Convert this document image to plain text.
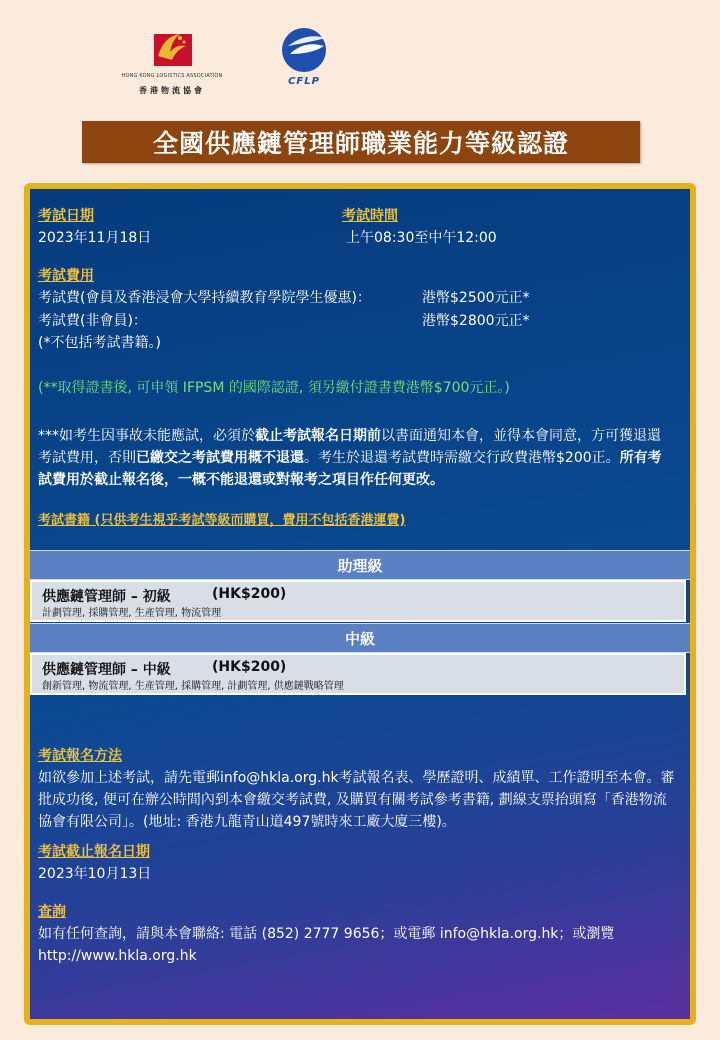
HONG KONG LOGISTICS ASSOCIATION
香港物流協會
CFLP
全國供應鏈管理師職業能力等級認證
考試日期
2023年11月18日
考試時間
上午08:30至中午12:00
考試費用
考試費(會員及香港浸會大學持續教育學院學生優惠)：	港幣$2500元正*
考試費(非會員)：	港幣$2800元正*
(*不包括考試書籍。)
(**取得證書後, 可申領 IFPSM 的國際認證, 須另繳付證書費港幣$700元正。)
***如考生因事故未能應試，必須於截止考試報名日期前以書面通知本會，並得本會同意，方可獲退還考試費用，否則已繳交之考試費用概不退還。考生於退還考試費時需繳交行政費港幣$200正。所有考試費用於截止報名後，一概不能退還或對報考之項目作任何更改。
考試書籍 (只供考生視乎考試等級而購買，費用不包括香港運費)
助理級
供應鏈管理師 – 初級	(HK$200)
計劃管理, 採購管理, 生產管理, 物流管理
中級
供應鏈管理師 – 中級	(HK$200)
創新管理, 物流管理, 生產管理, 採購管理, 計劃管理, 供應鏈戰略管理
考試報名方法
如欲參加上述考試，請先電郵info@hkla.org.hk考試報名表、學歷證明、成績單、工作證明至本會。審批成功後, 便可在辦公時間內到本會繳交考試費, 及購買有關考試參考書籍, 劃線支票抬頭寫「香港物流協會有限公司」。(地址: 香港九龍青山道497號時來工廠大廈三樓)。
考試截止報名日期
2023年10月13日
查詢
如有任何查詢，請與本會聯絡: 電話 (852) 2777 9656；或電郵 info@hkla.org.hk；或瀏覽 http://www.hkla.org.hk
